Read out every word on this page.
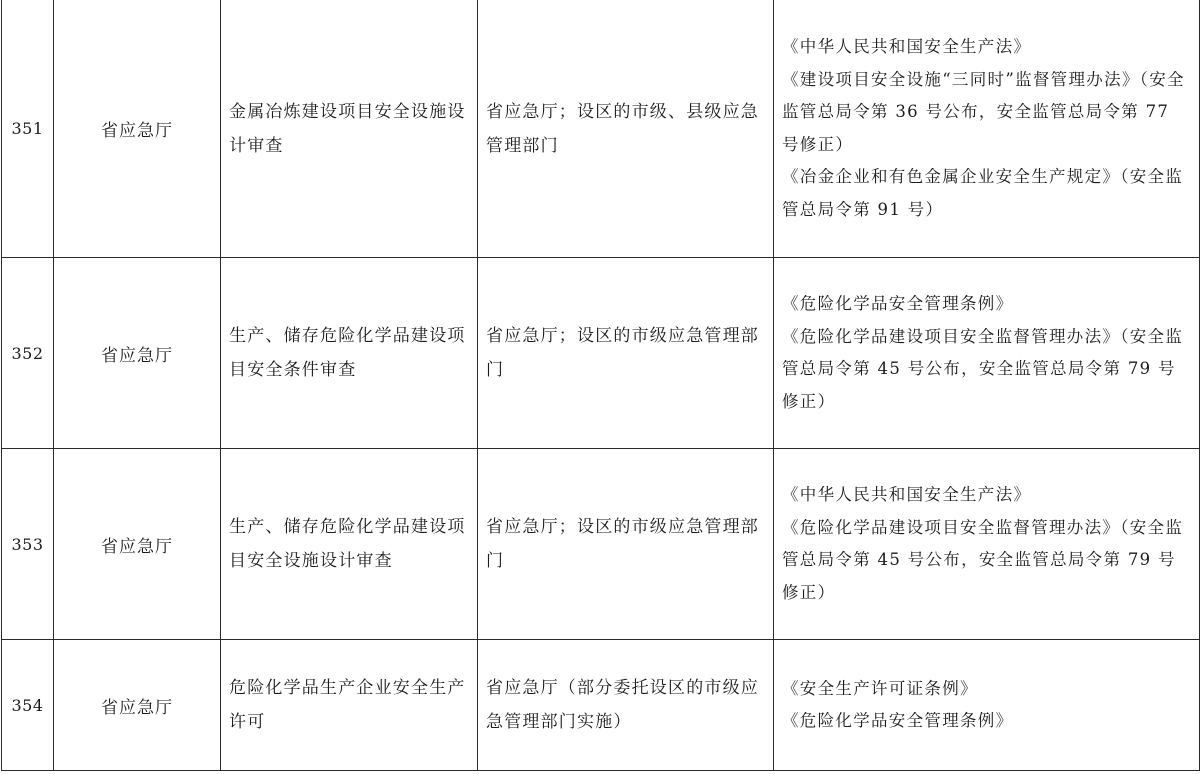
351	省应急厅	金属冶炼建设项目安全设施设计审查	省应急厅；设区的市级、县级应急管理部门	《中华人民共和国安全生产法》
《建设项目安全设施“三同时”监督管理办法》（安全监管总局令第 36 号公布，安全监管总局令第 77 号修正）
《冶金企业和有色金属企业安全生产规定》（安全监管总局令第 91 号）

352	省应急厅	生产、储存危险化学品建设项目安全条件审查	省应急厅；设区的市级应急管理部门	《危险化学品安全管理条例》
《危险化学品建设项目安全监督管理办法》（安全监管总局令第 45 号公布，安全监管总局令第 79 号修正）

353	省应急厅	生产、储存危险化学品建设项目安全设施设计审查	省应急厅；设区的市级应急管理部门	《中华人民共和国安全生产法》
《危险化学品建设项目安全监督管理办法》（安全监管总局令第 45 号公布，安全监管总局令第 79 号修正）

354	省应急厅	危险化学品生产企业安全生产许可	省应急厅（部分委托设区的市级应急管理部门实施）	《安全生产许可证条例》
《危险化学品安全管理条例》
